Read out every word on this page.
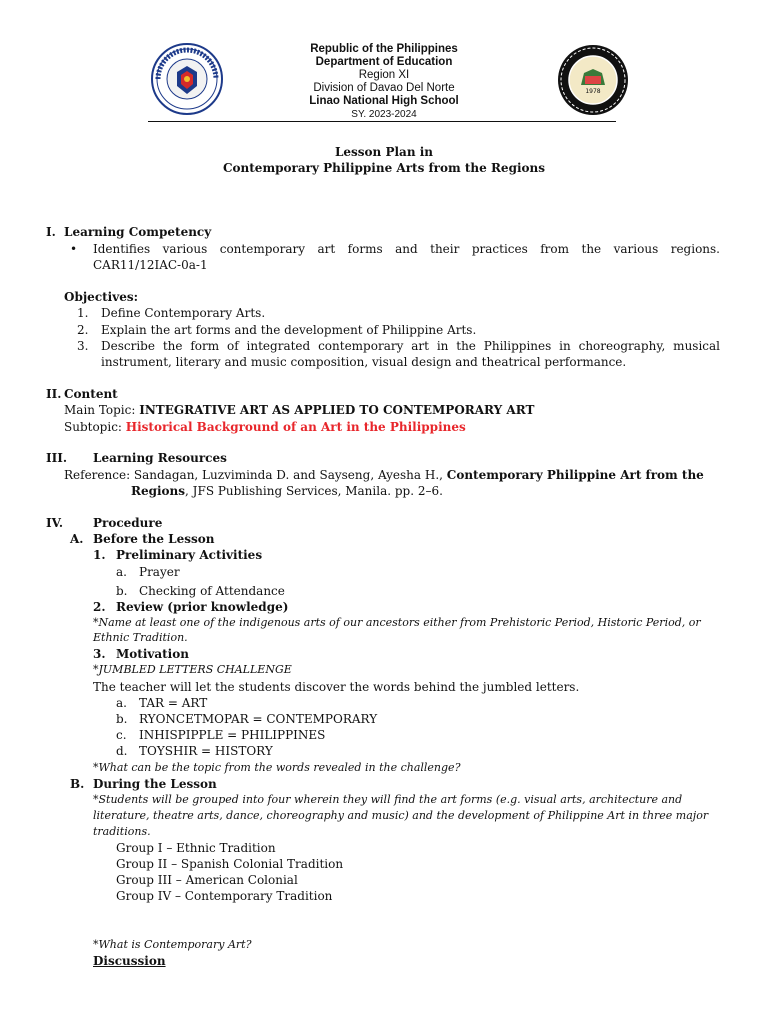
1978
Republic of the Philippines
Department of Education
Region XI
Division of Davao Del Norte
Linao National High School
SY. 2023-2024
Lesson Plan in
Contemporary Philippine Arts from the Regions
I. Learning Competency
• Identifies various contemporary art forms and their practices from the various regions.
CAR11/12IAC-0a-1
Objectives:
1. Define Contemporary Arts.
2. Explain the art forms and the development of Philippine Arts.
3. Describe the form of integrated contemporary art in the Philippines in choreography, musical
instrument, literary and music composition, visual design and theatrical performance.
II. Content
Main Topic: INTEGRATIVE ART AS APPLIED TO CONTEMPORARY ART
Subtopic: Historical Background of an Art in the Philippines
III. Learning Resources
Reference: Sandagan, Luzviminda D. and Sayseng, Ayesha H., Contemporary Philippine Art from the
Regions, JFS Publishing Services, Manila. pp. 2–6.
IV. Procedure
A. Before the Lesson
1. Preliminary Activities
a. Prayer
b. Checking of Attendance
2. Review (prior knowledge)
*Name at least one of the indigenous arts of our ancestors either from Prehistoric Period, Historic Period, or
Ethnic Tradition.
3. Motivation
*JUMBLED LETTERS CHALLENGE
The teacher will let the students discover the words behind the jumbled letters.
a. TAR = ART
b. RYONCETMOPAR = CONTEMPORARY
c. INHISPIPPLE = PHILIPPINES
d. TOYSHIR = HISTORY
*What can be the topic from the words revealed in the challenge?
B. During the Lesson
*Students will be grouped into four wherein they will find the art forms (e.g. visual arts, architecture and
literature, theatre arts, dance, choreography and music) and the development of Philippine Art in three major
traditions.
Group I – Ethnic Tradition
Group II – Spanish Colonial Tradition
Group III – American Colonial
Group IV – Contemporary Tradition
*What is Contemporary Art?
Discussion
